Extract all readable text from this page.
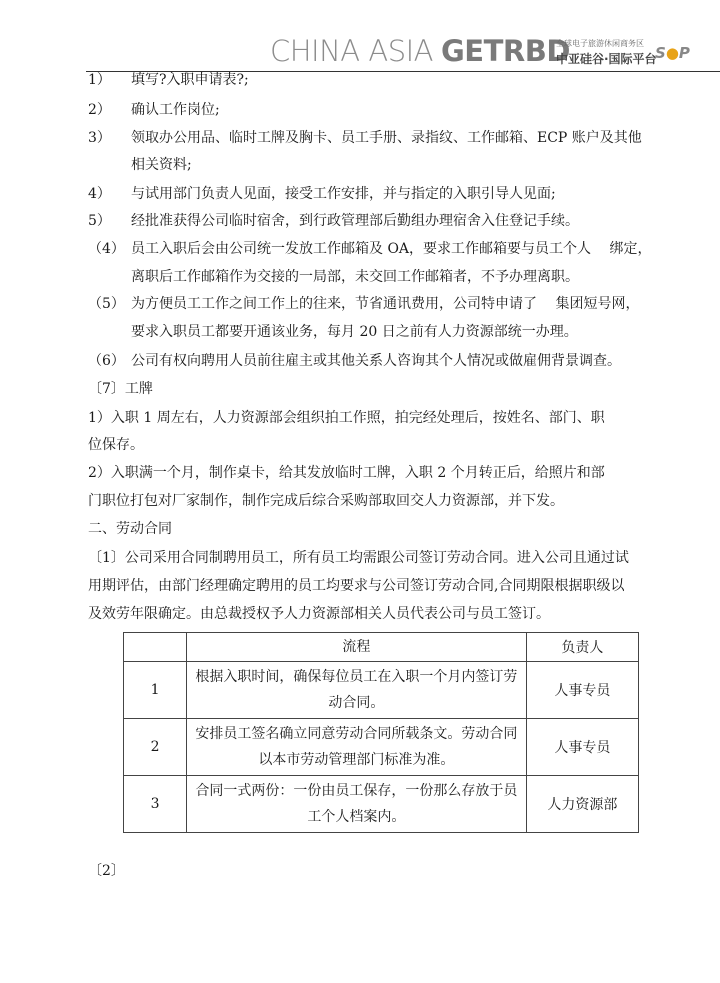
CHINA ASIA GETRBD
全球电子旅游休闲商务区
中亚硅谷·国际平台
S●P
1） 填写?入职申请表?;
2） 确认工作岗位;
3） 领取办公用品、临时工牌及胸卡、员工手册、录指纹、工作邮箱、ECP 账户及其他
相关资料;
4） 与试用部门负责人见面，接受工作安排，并与指定的入职引导人见面;
5） 经批准获得公司临时宿舍，到行政管理部后勤组办理宿舍入住登记手续。
（4） 员工入职后会由公司统一发放工作邮箱及 OA，要求工作邮箱要与员工个人　 绑定，
离职后工作邮箱作为交接的一局部，未交回工作邮箱者，不予办理离职。
（5） 为方便员工工作之间工作上的往来，节省通讯费用，公司特申请了　 集团短号网，
要求入职员工都要开通该业务，每月 20 日之前有人力资源部统一办理。
（6） 公司有权向聘用人员前往雇主或其他关系人咨询其个人情况或做雇佣背景调查。
〔7〕工牌
1）入职 1 周左右，人力资源部会组织拍工作照，拍完经处理后，按姓名、部门、职
位保存。
2）入职满一个月，制作桌卡，给其发放临时工牌，入职 2 个月转正后，给照片和部
门职位打包对厂家制作，制作完成后综合采购部取回交人力资源部，并下发。
二、劳动合同
〔1〕公司采用合同制聘用员工，所有员工均需跟公司签订劳动合同。进入公司且通过试
用期评估，由部门经理确定聘用的员工均要求与公司签订劳动合同,合同期限根据职级以
及效劳年限确定。由总裁授权予人力资源部相关人员代表公司与员工签订。
	流程	负责人
1	根据入职时间，确保每位员工在入职一个月内签订劳
动合同。	人事专员
2	安排员工签名确立同意劳动合同所载条文。劳动合同
以本市劳动管理部门标准为准。	人事专员
3	合同一式两份：一份由员工保存，一份那么存放于员
工个人档案内。	人力资源部
〔2〕
